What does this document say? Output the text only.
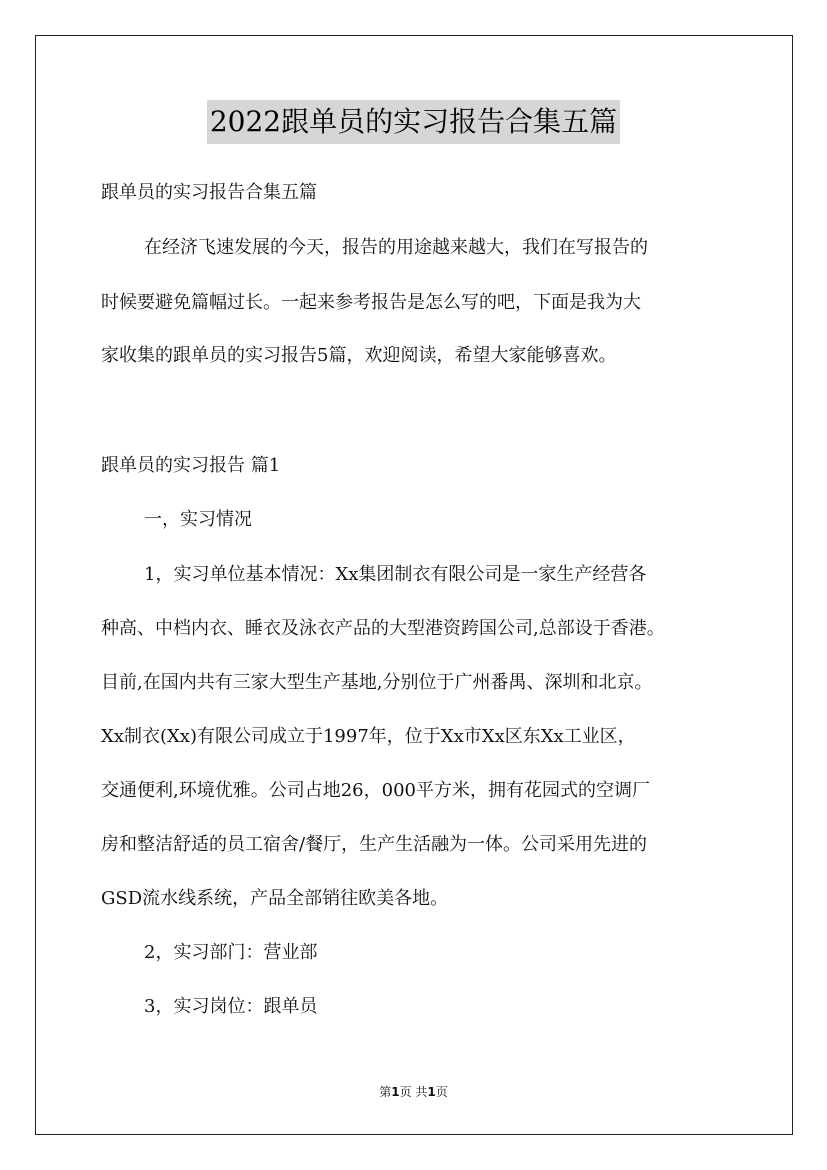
2022跟单员的实习报告合集五篇
跟单员的实习报告合集五篇
在经济飞速发展的今天，报告的用途越来越大，我们在写报告的
时候要避免篇幅过长。一起来参考报告是怎么写的吧，下面是我为大
家收集的跟单员的实习报告5篇，欢迎阅读，希望大家能够喜欢。
跟单员的实习报告 篇1
一，实习情况
1，实习单位基本情况：Xx集团制衣有限公司是一家生产经营各
种高、中档内衣、睡衣及泳衣产品的大型港资跨国公司,总部设于香港。
目前,在国内共有三家大型生产基地,分别位于广州番禺、深圳和北京。
Xx制衣(Xx)有限公司成立于1997年，位于Xx市Xx区东Xx工业区，
交通便利,环境优雅。公司占地26，000平方米，拥有花园式的空调厂
房和整洁舒适的员工宿舍/餐厅，生产生活融为一体。公司采用先进的
GSD流水线系统，产品全部销往欧美各地。
2，实习部门：营业部
3，实习岗位：跟单员
第1页 共1页
